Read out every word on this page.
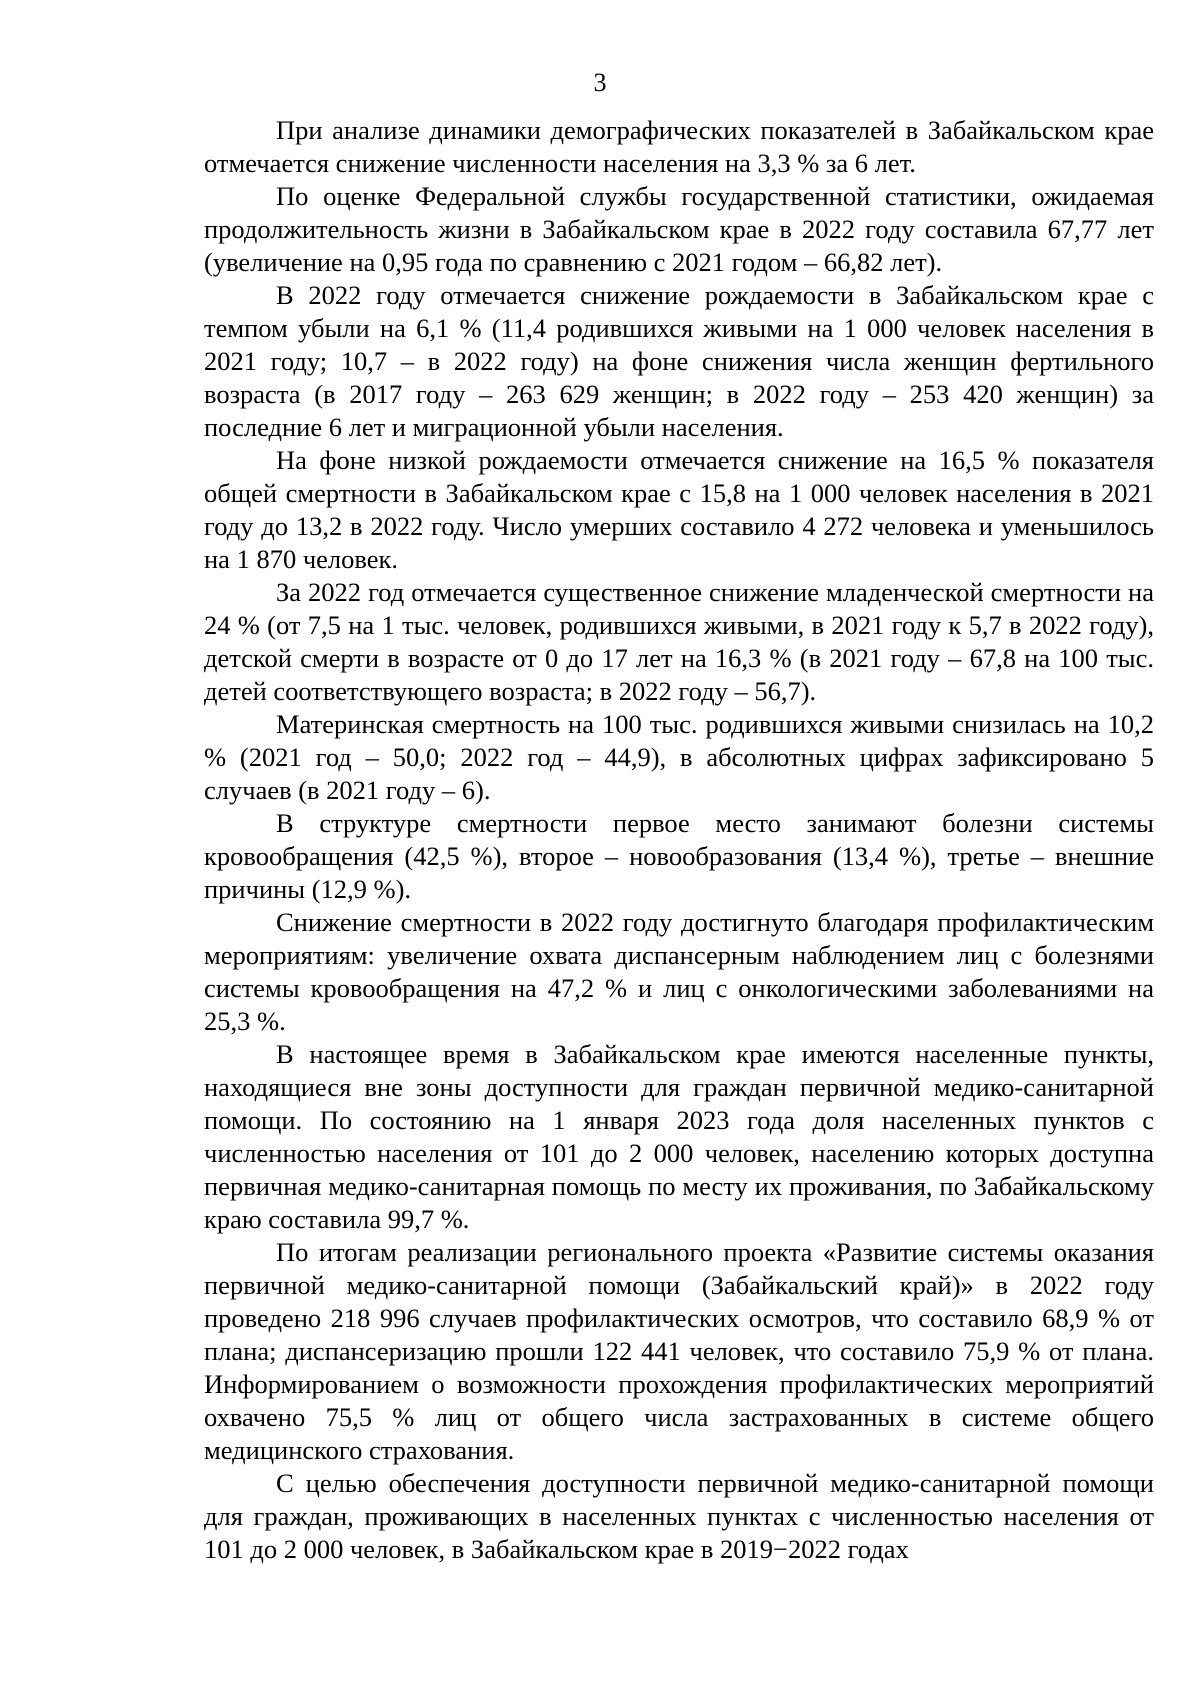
3

При анализе динамики демографических показателей в Забайкальском крае отмечается снижение численности населения на 3,3 % за 6 лет.

По оценке Федеральной службы государственной статистики, ожидаемая продолжительность жизни в Забайкальском крае в 2022 году составила 67,77 лет (увеличение на 0,95 года по сравнению с 2021 годом – 66,82 лет).

В 2022 году отмечается снижение рождаемости в Забайкальском крае с темпом убыли на 6,1 % (11,4 родившихся живыми на 1 000 человек населения в 2021 году; 10,7 – в 2022 году) на фоне снижения числа женщин фертильного возраста (в 2017 году – 263 629 женщин; в 2022 году – 253 420 женщин) за последние 6 лет и миграционной убыли населения.

На фоне низкой рождаемости отмечается снижение на 16,5 % показателя общей смертности в Забайкальском крае с 15,8 на 1 000 человек населения в 2021 году до 13,2 в 2022 году. Число умерших составило 4 272 человека и уменьшилось на 1 870 человек.

За 2022 год отмечается существенное снижение младенческой смертности на 24 % (от 7,5 на 1 тыс. человек, родившихся живыми, в 2021 году к 5,7 в 2022 году), детской смерти в возрасте от 0 до 17 лет на 16,3 % (в 2021 году – 67,8 на 100 тыс. детей соответствующего возраста; в 2022 году – 56,7).

Материнская смертность на 100 тыс. родившихся живыми снизилась на 10,2 % (2021 год – 50,0; 2022 год – 44,9), в абсолютных цифрах зафиксировано 5 случаев (в 2021 году – 6).

В структуре смертности первое место занимают болезни системы кровообращения (42,5 %), второе – новообразования (13,4 %), третье – внешние причины (12,9 %).

Снижение смертности в 2022 году достигнуто благодаря профилактическим мероприятиям: увеличение охвата диспансерным наблюдением лиц с болезнями системы кровообращения на 47,2 % и лиц с онкологическими заболеваниями на 25,3 %.

В настоящее время в Забайкальском крае имеются населенные пункты, находящиеся вне зоны доступности для граждан первичной медико-санитарной помощи. По состоянию на 1 января 2023 года доля населенных пунктов с численностью населения от 101 до 2 000 человек, населению которых доступна первичная медико-санитарная помощь по месту их проживания, по Забайкальскому краю составила 99,7 %.

По итогам реализации регионального проекта «Развитие системы оказания первичной медико-санитарной помощи (Забайкальский край)» в 2022 году проведено 218 996 случаев профилактических осмотров, что составило 68,9 % от плана; диспансеризацию прошли 122 441 человек, что составило 75,9 % от плана. Информированием о возможности прохождения профилактических мероприятий охвачено 75,5 % лиц от общего числа застрахованных в системе общего медицинского страхования.

С целью обеспечения доступности первичной медико-санитарной помощи для граждан, проживающих в населенных пунктах с численностью населения от 101 до 2 000 человек, в Забайкальском крае в 2019−2022 годах
